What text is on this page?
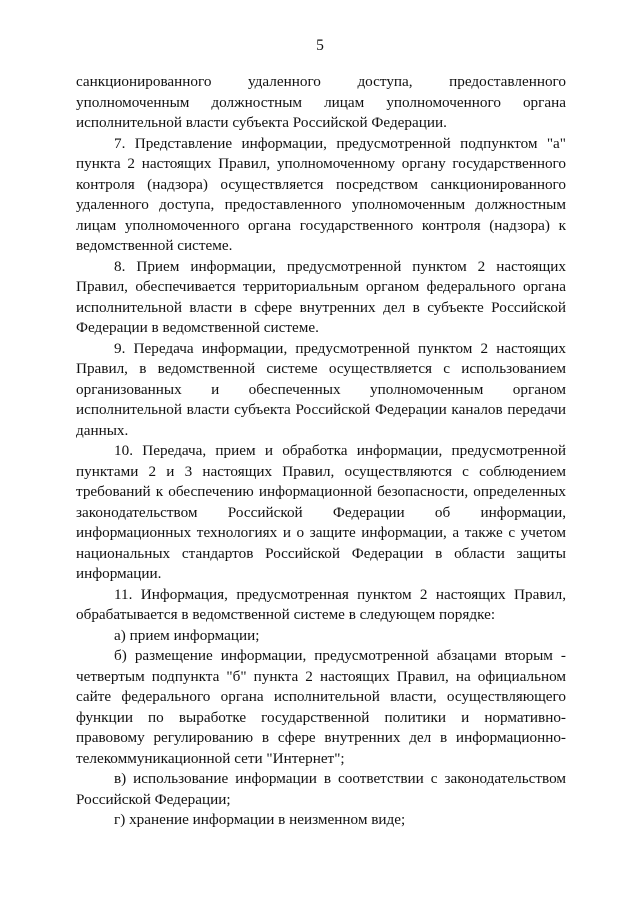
5

санкционированного удаленного доступа, предоставленного уполномоченным должностным лицам уполномоченного органа исполнительной власти субъекта Российской Федерации.

7. Представление информации, предусмотренной подпунктом "а" пункта 2 настоящих Правил, уполномоченному органу государственного контроля (надзора) осуществляется посредством санкционированного удаленного доступа, предоставленного уполномоченным должностным лицам уполномоченного органа государственного контроля (надзора) к ведомственной системе.

8. Прием информации, предусмотренной пунктом 2 настоящих Правил, обеспечивается территориальным органом федерального органа исполнительной власти в сфере внутренних дел в субъекте Российской Федерации в ведомственной системе.

9. Передача информации, предусмотренной пунктом 2 настоящих Правил, в ведомственной системе осуществляется с использованием организованных и обеспеченных уполномоченным органом исполнительной власти субъекта Российской Федерации каналов передачи данных.

10. Передача, прием и обработка информации, предусмотренной пунктами 2 и 3 настоящих Правил, осуществляются с соблюдением требований к обеспечению информационной безопасности, определенных законодательством Российской Федерации об информации, информационных технологиях и о защите информации, а также с учетом национальных стандартов Российской Федерации в области защиты информации.

11. Информация, предусмотренная пунктом 2 настоящих Правил, обрабатывается в ведомственной системе в следующем порядке:

а) прием информации;

б) размещение информации, предусмотренной абзацами вторым - четвертым подпункта "б" пункта 2 настоящих Правил, на официальном сайте федерального органа исполнительной власти, осуществляющего функции по выработке государственной политики и нормативно-правовому регулированию в сфере внутренних дел в информационно-телекоммуникационной сети "Интернет";

в) использование информации в соответствии с законодательством Российской Федерации;

г) хранение информации в неизменном виде;
